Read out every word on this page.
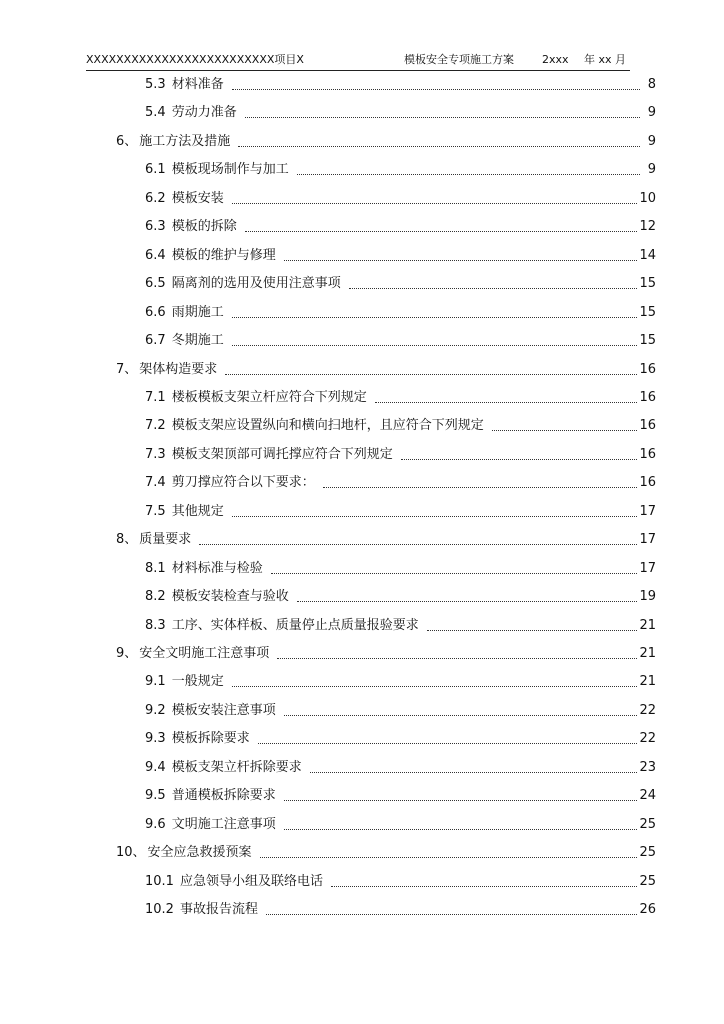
XXXXXXXXXXXXXXXXXXXXXXXXX项目X	模板安全专项施工方案	2xxx 年 xx 月
5.3 材料准备	8
5.4 劳动力准备	9
6、 施工方法及措施	9
6.1 模板现场制作与加工	9
6.2 模板安装	10
6.3 模板的拆除	12
6.4 模板的维护与修理	14
6.5 隔离剂的选用及使用注意事项	15
6.6 雨期施工	15
6.7 冬期施工	15
7、 架体构造要求	16
7.1 楼板模板支架立杆应符合下列规定	16
7.2 模板支架应设置纵向和横向扫地杆，且应符合下列规定	16
7.3 模板支架顶部可调托撑应符合下列规定	16
7.4 剪刀撑应符合以下要求：	16
7.5 其他规定	17
8、 质量要求	17
8.1 材料标准与检验	17
8.2 模板安装检查与验收	19
8.3 工序、实体样板、质量停止点质量报验要求	21
9、 安全文明施工注意事项	21
9.1 一般规定	21
9.2 模板安装注意事项	22
9.3 模板拆除要求	22
9.4 模板支架立杆拆除要求	23
9.5 普通模板拆除要求	24
9.6 文明施工注意事项	25
10、 安全应急救援预案	25
10.1 应急领导小组及联络电话	25
10.2 事故报告流程	26
